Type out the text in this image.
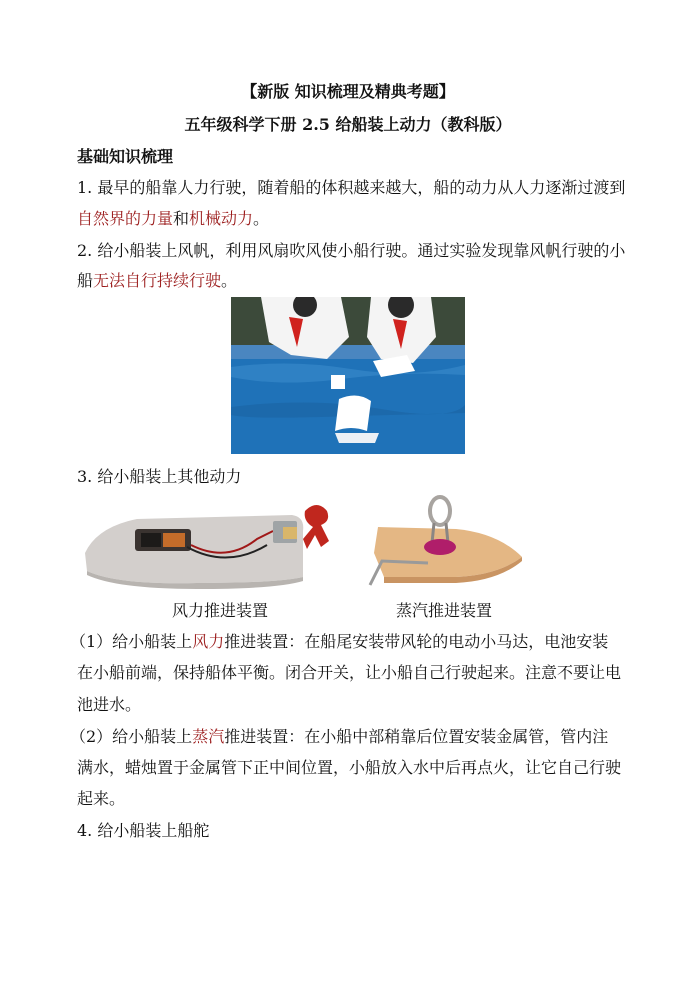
【新版 知识梳理及精典考题】
五年级科学下册 2.5 给船装上动力（教科版）
基础知识梳理
1. 最早的船靠人力行驶，随着船的体积越来越大，船的动力从人力逐渐过渡到
自然界的力量和机械动力。
2. 给小船装上风帆，利用风扇吹风使小船行驶。通过实验发现靠风帆行驶的小
船无法自行持续行驶。
3. 给小船装上其他动力
风力推进装置	蒸汽推进装置
（1）给小船装上风力推进装置：在船尾安装带风轮的电动小马达，电池安装
在小船前端，保持船体平衡。闭合开关，让小船自己行驶起来。注意不要让电
池进水。
（2）给小船装上蒸汽推进装置：在小船中部稍靠后位置安装金属管，管内注
满水，蜡烛置于金属管下正中间位置，小船放入水中后再点火，让它自己行驶
起来。
4. 给小船装上船舵
